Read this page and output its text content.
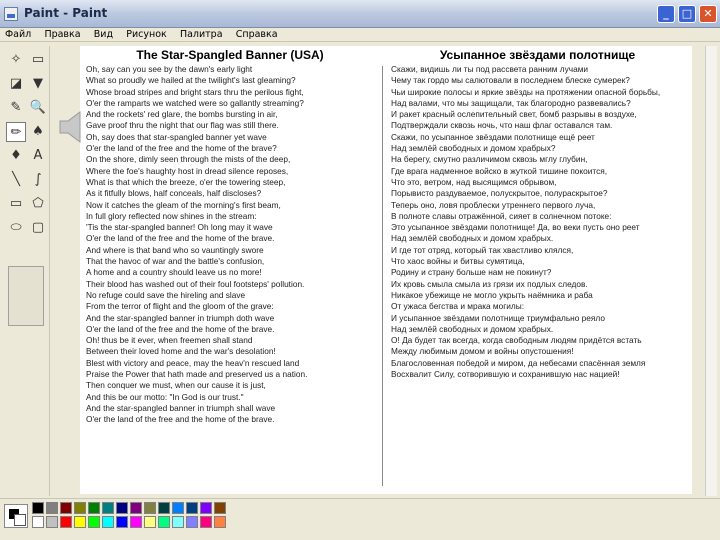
Paint - Paint	_	□	✕
Файл Правка Вид Рисунок Палитра Справка
✧ ▭
◪ ▼
✎ 🔍
✏ ♠
♦ A
╲	∫
▭ ⬠
⬭ ▢
The Star-Spangled Banner (USA)
Oh, say can you see by the dawn's early light
What so proudly we hailed at the twilight's last gleaming?
Whose broad stripes and bright stars thru the perilous fight,
O'er the ramparts we watched were so gallantly streaming?
And the rockets' red glare, the bombs bursting in air,
Gave proof thru the night that our flag was still there.
Oh, say does that star-spangled banner yet wave
O'er the land of the free and the home of the brave?
On the shore, dimly seen through the mists of the deep,
Where the foe's haughty host in dread silence reposes,
What is that which the breeze, o'er the towering steep,
As it fitfully blows, half conceals, half discloses?
Now it catches the gleam of the morning's first beam,
In full glory reflected now shines in the stream:
'Tis the star-spangled banner! Oh long may it wave
O'er the land of the free and the home of the brave.
And where is that band who so vauntingly swore
That the havoc of war and the battle's confusion,
A home and a country should leave us no more!
Their blood has washed out of their foul footsteps' pollution.
No refuge could save the hireling and slave
From the terror of flight and the gloom of the grave:
And the star-spangled banner in triumph doth wave
O'er the land of the free and the home of the brave.
Oh! thus be it ever, when freemen shall stand
Between their loved home and the war's desolation!
Blest with victory and peace, may the heav'n rescued land
Praise the Power that hath made and preserved us a nation.
Then conquer we must, when our cause it is just,
And this be our motto: "In God is our trust."
And the star-spangled banner in triumph shall wave
O'er the land of the free and the home of the brave.
Усыпанное звёздами полотнище
Скажи, видишь ли ты под рассвета ранним лучами
Чему так гордо мы салютовали в последнем блеске сумерек?
Чьи широкие полосы и яркие звёзды на протяжении опасной борьбы,
Над валами, что мы защищали, так благородно развевались?
И ракет красный ослепительный свет, бомб разрывы в воздухе,
Подтверждали сквозь ночь, что наш флаг оставался там.
Скажи, по усыпанное звёздами полотнище ещё реет
Над землёй свободных и домом храбрых?
На берегу, смутно различимом сквозь мглу глубин,
Где врага надменное войско в жуткой тишине покоится,
Что это, ветром, над высящимся обрывом,
Порывисто раздуваемое, полускрытое, полураскрытое?
Теперь оно, ловя проблески утреннего первого луча,
В полноте славы отражённой, сияет в солнечном потоке:
Это усыпанное звёздами полотнище! Да, во веки пусть оно реет
Над землёй свободных и домом храбрых.
И где тот отряд, который так хвастливо клялся,
Что хаос войны и битвы сумятица,
Родину и страну больше нам не покинут?
Их кровь смыла смыла из грязи их подлых следов.
Никакое убежище не могло укрыть наёмника и раба
От ужаса бегства и мрака могилы:
И усыпанное звёздами полотнище триумфально реяло
Над землёй свободных и домом храбрых.
О! Да будет так всегда, когда свободным людям придётся встать
Между любимым домом и войны опустошения!
Благословенная победой и миром, да небесами спасённая земля
Восхвалит Силу, сотворившую и сохранившую нас нацией!
